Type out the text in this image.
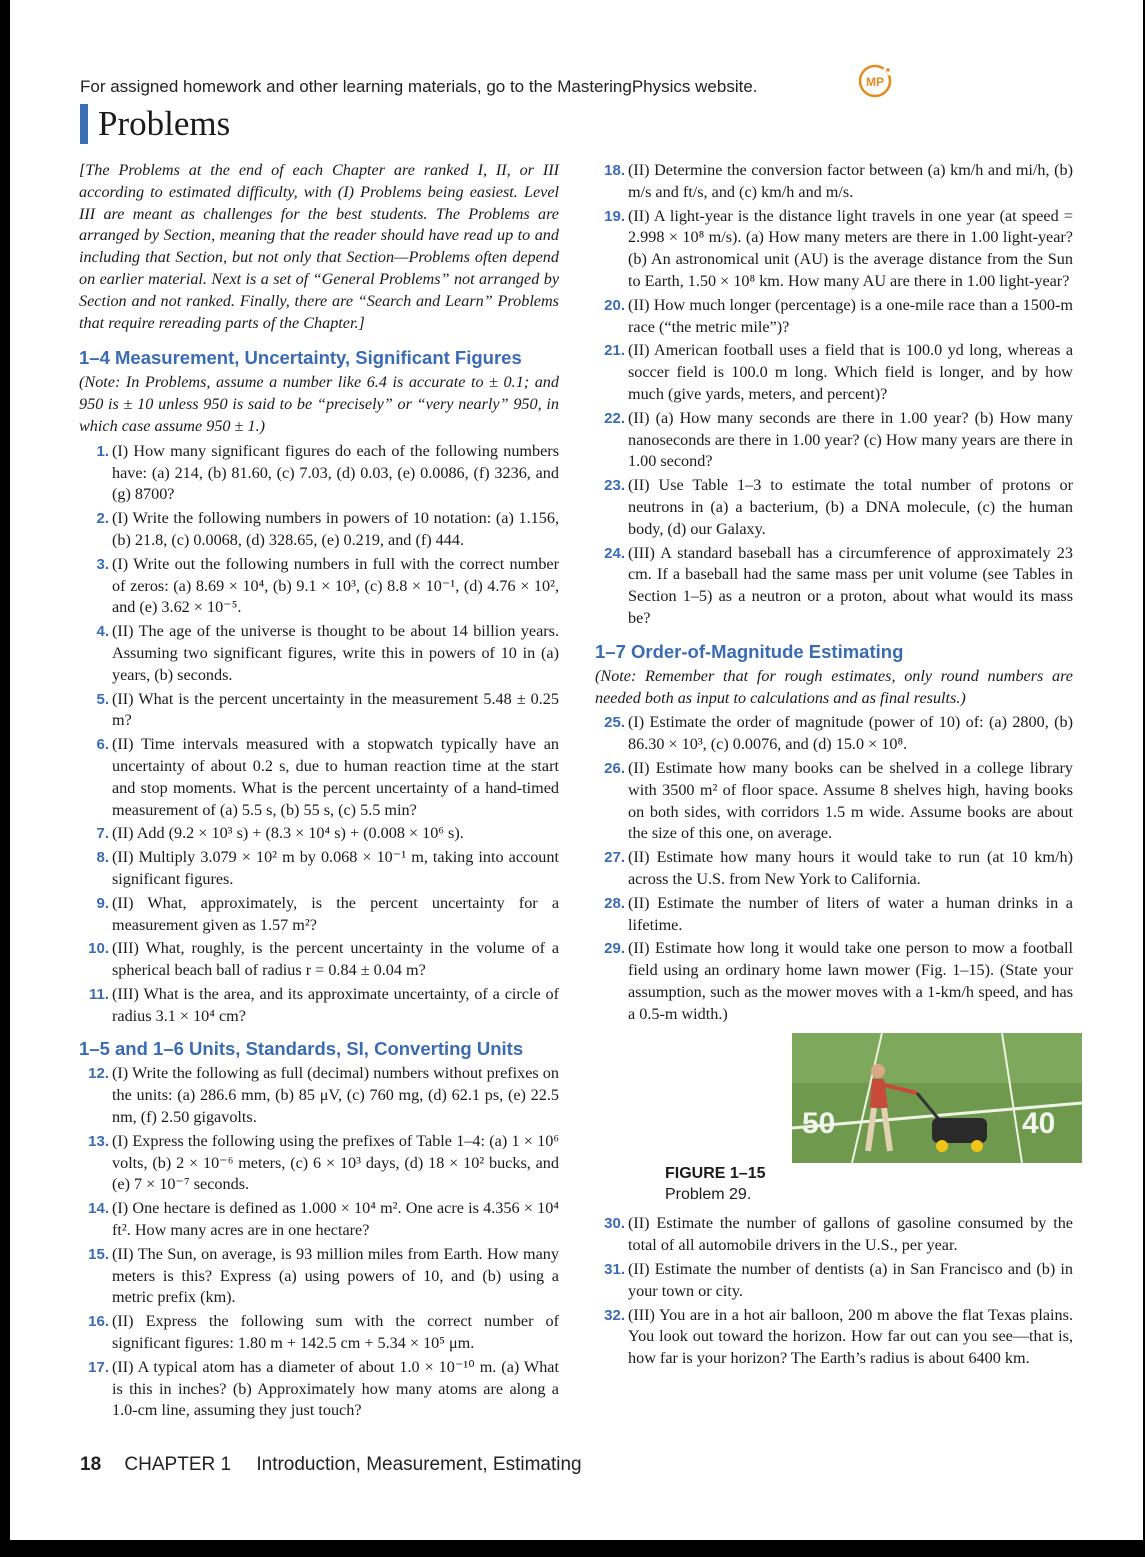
For assigned homework and other learning materials, go to the MasteringPhysics website.	MP
Problems

[The Problems at the end of each Chapter are ranked I, II, or III according to estimated difficulty, with (I) Problems being easiest. Level III are meant as challenges for the best students. The Problems are arranged by Section, meaning that the reader should have read up to and including that Section, but not only that Section—Problems often depend on earlier material. Next is a set of “General Problems” not arranged by Section and not ranked. Finally, there are “Search and Learn” Problems that require rereading parts of the Chapter.]

1–4 Measurement, Uncertainty, Significant Figures

(Note: In Problems, assume a number like 6.4 is accurate to ± 0.1; and 950 is ± 10 unless 950 is said to be “precisely” or “very nearly” 950, in which case assume 950 ± 1.)

1. (I) How many significant figures do each of the following numbers have: (a) 214, (b) 81.60, (c) 7.03, (d) 0.03, (e) 0.0086, (f) 3236, and (g) 8700?
2. (I) Write the following numbers in powers of 10 notation: (a) 1.156, (b) 21.8, (c) 0.0068, (d) 328.65, (e) 0.219, and (f) 444.
3. (I) Write out the following numbers in full with the correct number of zeros: (a) 8.69 × 10⁴, (b) 9.1 × 10³, (c) 8.8 × 10⁻¹, (d) 4.76 × 10², and (e) 3.62 × 10⁻⁵.
4. (II) The age of the universe is thought to be about 14 billion years. Assuming two significant figures, write this in powers of 10 in (a) years, (b) seconds.
5. (II) What is the percent uncertainty in the measurement 5.48 ± 0.25 m?
6. (II) Time intervals measured with a stopwatch typically have an uncertainty of about 0.2 s, due to human reaction time at the start and stop moments. What is the percent uncertainty of a hand-timed measurement of (a) 5.5 s, (b) 55 s, (c) 5.5 min?
7. (II) Add (9.2 × 10³ s) + (8.3 × 10⁴ s) + (0.008 × 10⁶ s).
8. (II) Multiply 3.079 × 10² m by 0.068 × 10⁻¹ m, taking into account significant figures.
9. (II) What, approximately, is the percent uncertainty for a measurement given as 1.57 m²?
10. (III) What, roughly, is the percent uncertainty in the volume of a spherical beach ball of radius r = 0.84 ± 0.04 m?
11. (III) What is the area, and its approximate uncertainty, of a circle of radius 3.1 × 10⁴ cm?
1–5 and 1–6 Units, Standards, SI, Converting Units
12. (I) Write the following as full (decimal) numbers without prefixes on the units: (a) 286.6 mm, (b) 85 μV, (c) 760 mg, (d) 62.1 ps, (e) 22.5 nm, (f) 2.50 gigavolts.
13. (I) Express the following using the prefixes of Table 1–4: (a) 1 × 10⁶ volts, (b) 2 × 10⁻⁶ meters, (c) 6 × 10³ days, (d) 18 × 10² bucks, and (e) 7 × 10⁻⁷ seconds.
14. (I) One hectare is defined as 1.000 × 10⁴ m². One acre is 4.356 × 10⁴ ft². How many acres are in one hectare?
15. (II) The Sun, on average, is 93 million miles from Earth. How many meters is this? Express (a) using powers of 10, and (b) using a metric prefix (km).
16. (II) Express the following sum with the correct number of significant figures: 1.80 m + 142.5 cm + 5.34 × 10⁵ μm.
17. (II) A typical atom has a diameter of about 1.0 × 10⁻¹⁰ m. (a) What is this in inches? (b) Approximately how many atoms are along a 1.0-cm line, assuming they just touch?
18. (II) Determine the conversion factor between (a) km/h and mi/h, (b) m/s and ft/s, and (c) km/h and m/s.
19. (II) A light-year is the distance light travels in one year (at speed = 2.998 × 10⁸ m/s). (a) How many meters are there in 1.00 light-year? (b) An astronomical unit (AU) is the average distance from the Sun to Earth, 1.50 × 10⁸ km. How many AU are there in 1.00 light-year?
20. (II) How much longer (percentage) is a one-mile race than a 1500-m race (“the metric mile”)?
21. (II) American football uses a field that is 100.0 yd long, whereas a soccer field is 100.0 m long. Which field is longer, and by how much (give yards, meters, and percent)?
22. (II) (a) How many seconds are there in 1.00 year? (b) How many nanoseconds are there in 1.00 year? (c) How many years are there in 1.00 second?
23. (II) Use Table 1–3 to estimate the total number of protons or neutrons in (a) a bacterium, (b) a DNA molecule, (c) the human body, (d) our Galaxy.
24. (III) A standard baseball has a circumference of approximately 23 cm. If a baseball had the same mass per unit volume (see Tables in Section 1–5) as a neutron or a proton, about what would its mass be?
1–7 Order-of-Magnitude Estimating

(Note: Remember that for rough estimates, only round numbers are needed both as input to calculations and as final results.)

25. (I) Estimate the order of magnitude (power of 10) of: (a) 2800, (b) 86.30 × 10³, (c) 0.0076, and (d) 15.0 × 10⁸.
26. (II) Estimate how many books can be shelved in a college library with 3500 m² of floor space. Assume 8 shelves high, having books on both sides, with corridors 1.5 m wide. Assume books are about the size of this one, on average.
27. (II) Estimate how many hours it would take to run (at 10 km/h) across the U.S. from New York to California.
28. (II) Estimate the number of liters of water a human drinks in a lifetime.
29. (II) Estimate how long it would take one person to mow a football field using an ordinary home lawn mower (Fig. 1–15). (State your assumption, such as the mower moves with a 1-km/h speed, and has a 0.5-m width.)
50	40
FIGURE 1–15
Problem 29.
30. (II) Estimate the number of gallons of gasoline consumed by the total of all automobile drivers in the U.S., per year.
31. (II) Estimate the number of dentists (a) in San Francisco and (b) in your town or city.
32. (III) You are in a hot air balloon, 200 m above the flat Texas plains. You look out toward the horizon. How far out can you see—that is, how far is your horizon? The Earth’s radius is about 6400 km.
18 CHAPTER 1 Introduction, Measurement, Estimating
